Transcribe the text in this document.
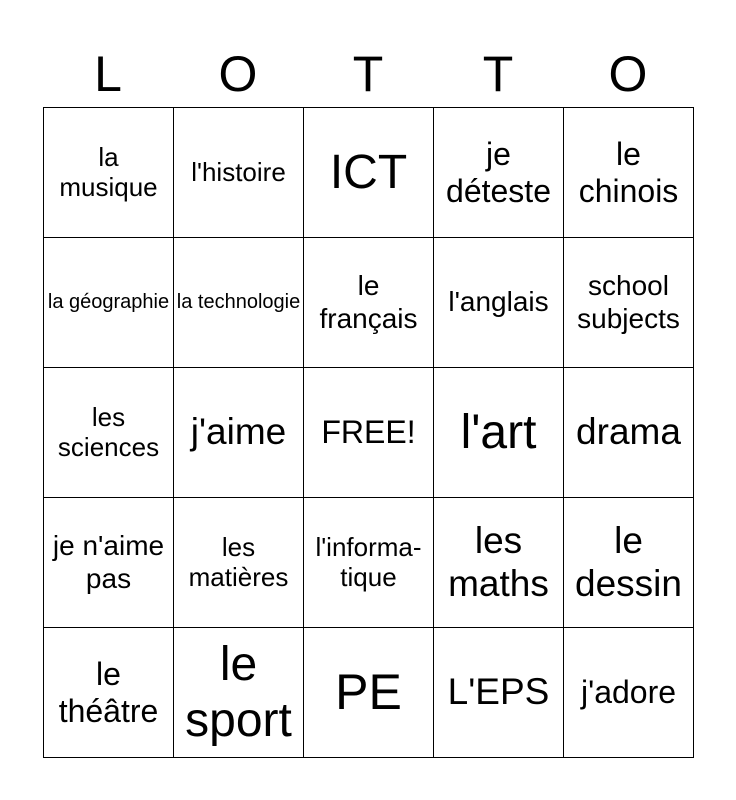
L	O	T	T	O
la musique	l'histoire	ICT	je déteste	le chinois
la géographie	la technologie	le français	l'anglais	school subjects
les sciences	j'aime	FREE!	l'art	drama
je n'aime pas	les matières	l'informa-tique	les maths	le dessin
le théâtre	le sport	PE	L'EPS	j'adore
